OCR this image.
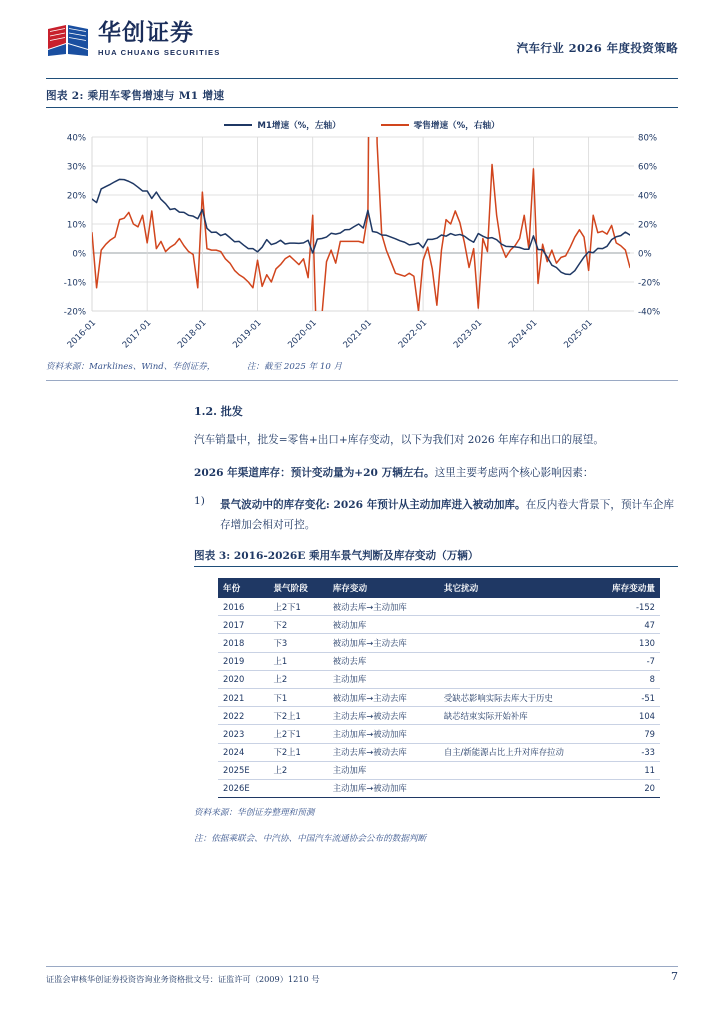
华创证券
HUA CHUANG SECURITIES	汽车行业 2026 年度投资策略
图表 2: 乘用车零售增速与 M1 增速
M1增速（%，左轴）	零售增速（%，右轴）
40%	80%
30%	60%
20%	40%
10%	20%
0%	0%
-10%	-20%
-20%	-40%
2016-01	2017-01	2018-01	2019-01	2020-01	2021-01	2022-01	2023-01	2024-01	2025-01
资料来源：Marklines、Wind、华创证券，	注：截至 2025 年 10 月
1.2. 批发
汽车销量中，批发=零售+出口+库存变动，以下为我们对 2026 年库存和出口的展望。
2026 年渠道库存：预计变动量为+20 万辆左右。这里主要考虑两个核心影响因素：
1)	景气波动中的库存变化: 2026 年预计从主动加库进入被动加库。在反内卷大背景下，预计车企库存增加会相对可控。
图表 3: 2016-2026E 乘用车景气判断及库存变动（万辆）
年份	景气阶段	库存变动	其它扰动	库存变动量
2016	上2下1	被动去库→主动加库		-152
2017	下2	被动加库		47
2018	下3	被动加库→主动去库		130
2019	上1	被动去库		-7
2020	上2	主动加库		8
2021	下1	被动加库→主动去库	受缺芯影响实际去库大于历史	-51
2022	下2上1	主动去库→被动去库	缺芯结束实际开始补库	104
2023	上2下1	主动加库→被动加库		79
2024	下2上1	主动去库→被动去库	自主/新能源占比上升对库存拉动	-33
2025E	上2	主动加库		11
2026E		主动加库→被动加库		20
资料来源：华创证券整理和预测
注：依据乘联会、中汽协、中国汽车流通协会公布的数据判断
证监会审核华创证券投资咨询业务资格批文号：证监许可（2009）1210 号	7
